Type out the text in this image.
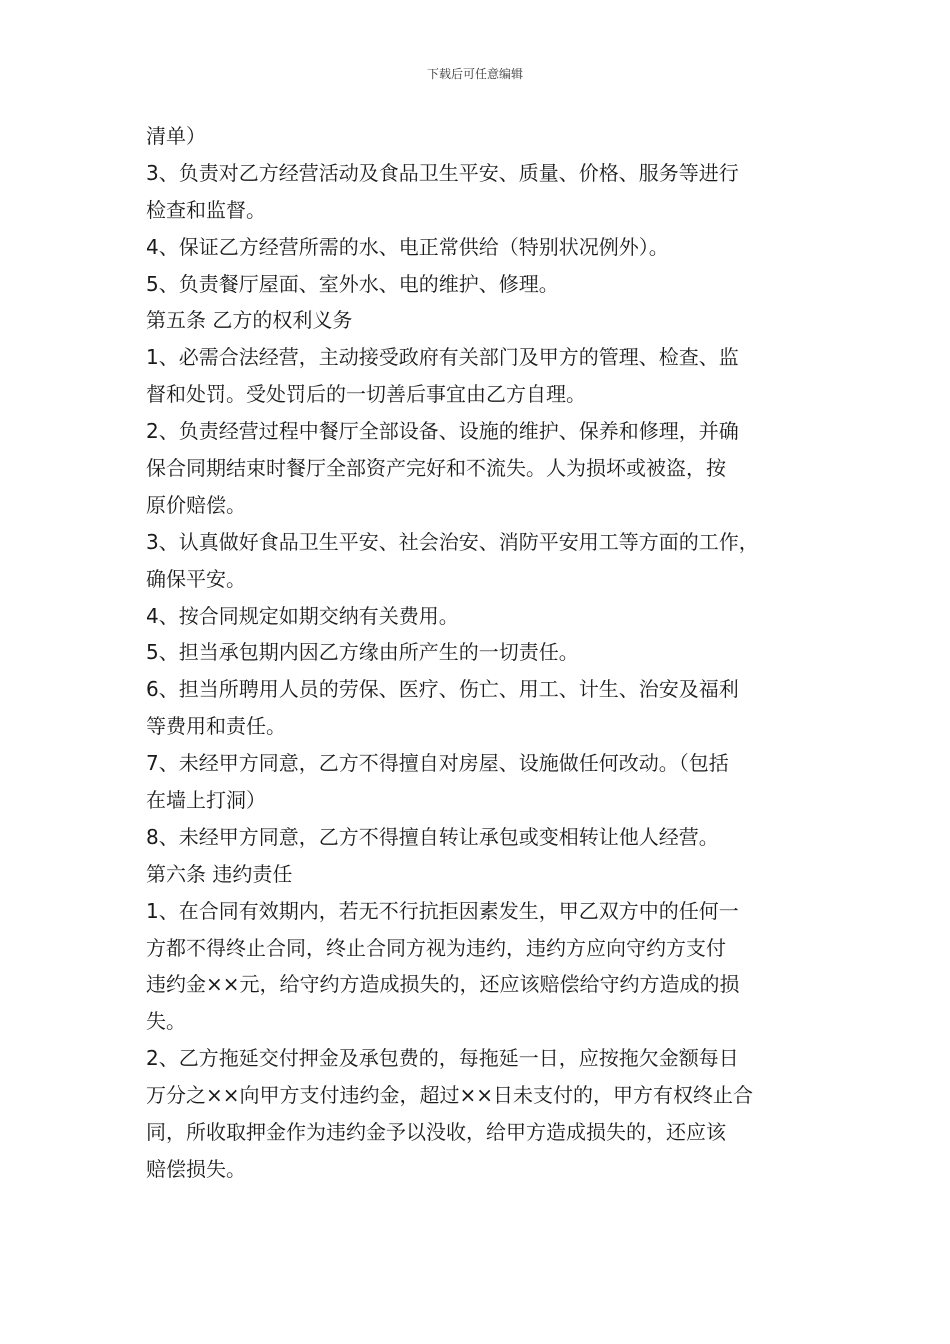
下载后可任意编辑
清单）
3、负责对乙方经营活动及食品卫生平安、质量、价格、服务等进行
检查和监督。
4、保证乙方经营所需的水、电正常供给（特别状况例外）。
5、负责餐厅屋面、室外水、电的维护、修理。
第五条 乙方的权利义务
1、必需合法经营，主动接受政府有关部门及甲方的管理、检查、监
督和处罚。受处罚后的一切善后事宜由乙方自理。
2、负责经营过程中餐厅全部设备、设施的维护、保养和修理，并确
保合同期结束时餐厅全部资产完好和不流失。人为损坏或被盗，按
原价赔偿。
3、认真做好食品卫生平安、社会治安、消防平安用工等方面的工作，
确保平安。
4、按合同规定如期交纳有关费用。
5、担当承包期内因乙方缘由所产生的一切责任。
6、担当所聘用人员的劳保、医疗、伤亡、用工、计生、治安及福利
等费用和责任。
7、未经甲方同意，乙方不得擅自对房屋、设施做任何改动。（包括
在墙上打洞）
8、未经甲方同意，乙方不得擅自转让承包或变相转让他人经营。
第六条 违约责任
1、在合同有效期内，若无不行抗拒因素发生，甲乙双方中的任何一
方都不得终止合同，终止合同方视为违约，违约方应向守约方支付
违约金××元，给守约方造成损失的，还应该赔偿给守约方造成的损
失。
2、乙方拖延交付押金及承包费的，每拖延一日，应按拖欠金额每日
万分之××向甲方支付违约金，超过××日未支付的，甲方有权终止合
同，所收取押金作为违约金予以没收，给甲方造成损失的，还应该
赔偿损失。
